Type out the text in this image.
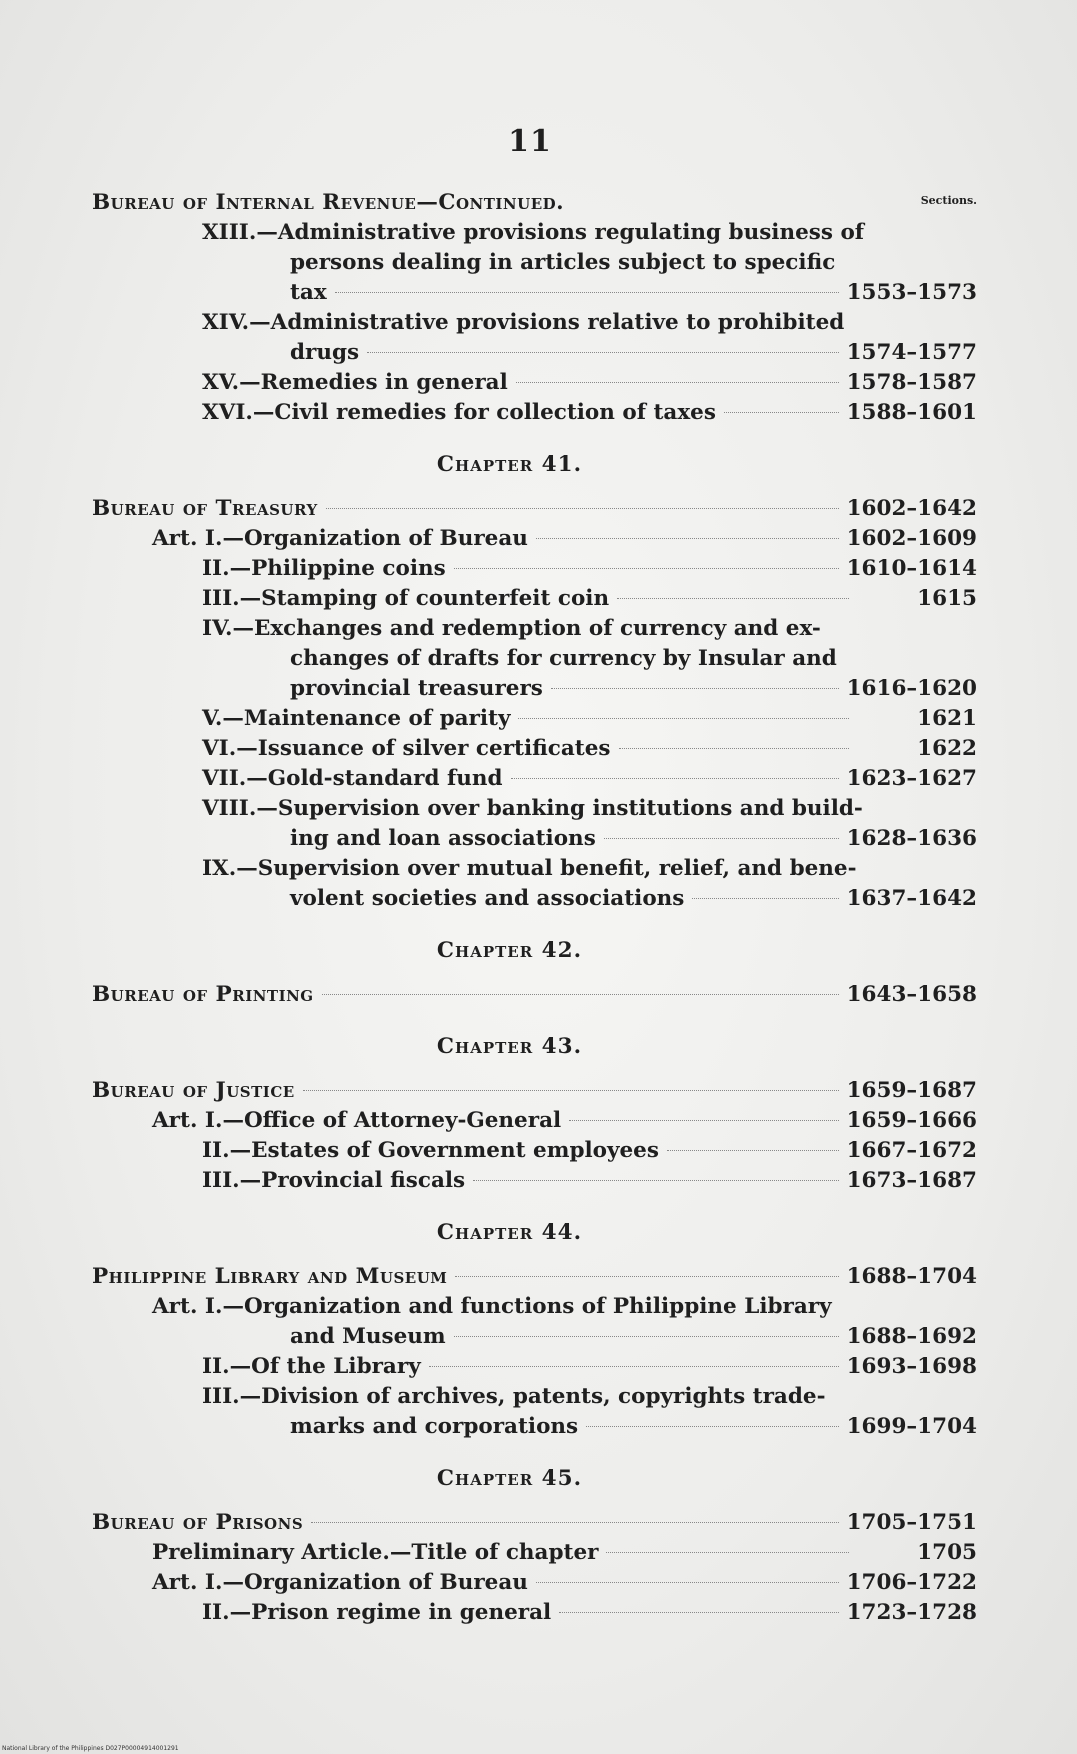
11
Sections.
Bureau of Internal Revenue—Continued.
XIII.—Administrative provisions regulating business of
persons dealing in articles subject to specific
tax	1553–1573
XIV.—Administrative provisions relative to prohibited
drugs	1574–1577
XV.—Remedies in general	1578–1587
XVI.—Civil remedies for collection of taxes	1588–1601
Chapter 41.
Bureau of Treasury	1602–1642
Art. I.—Organization of Bureau	1602–1609
II.—Philippine coins	1610–1614
III.—Stamping of counterfeit coin	1615
IV.—Exchanges and redemption of currency and ex-
changes of drafts for currency by Insular and
provincial treasurers	1616–1620
V.—Maintenance of parity	1621
VI.—Issuance of silver certificates	1622
VII.—Gold-standard fund	1623–1627
VIII.—Supervision over banking institutions and build-
ing and loan associations	1628–1636
IX.—Supervision over mutual benefit, relief, and bene-
volent societies and associations	1637–1642
Chapter 42.
Bureau of Printing	1643–1658
Chapter 43.
Bureau of Justice	1659–1687
Art. I.—Office of Attorney-General	1659–1666
II.—Estates of Government employees	1667–1672
III.—Provincial fiscals	1673–1687
Chapter 44.
Philippine Library and Museum	1688–1704
Art. I.—Organization and functions of Philippine Library
and Museum	1688–1692
II.—Of the Library	1693–1698
III.—Division of archives, patents, copyrights trade-
marks and corporations	1699–1704
Chapter 45.
Bureau of Prisons	1705–1751
Preliminary Article.—Title of chapter	1705
Art. I.—Organization of Bureau	1706–1722
II.—Prison regime in general	1723–1728
National Library of the Philippines D027P00004914001291
